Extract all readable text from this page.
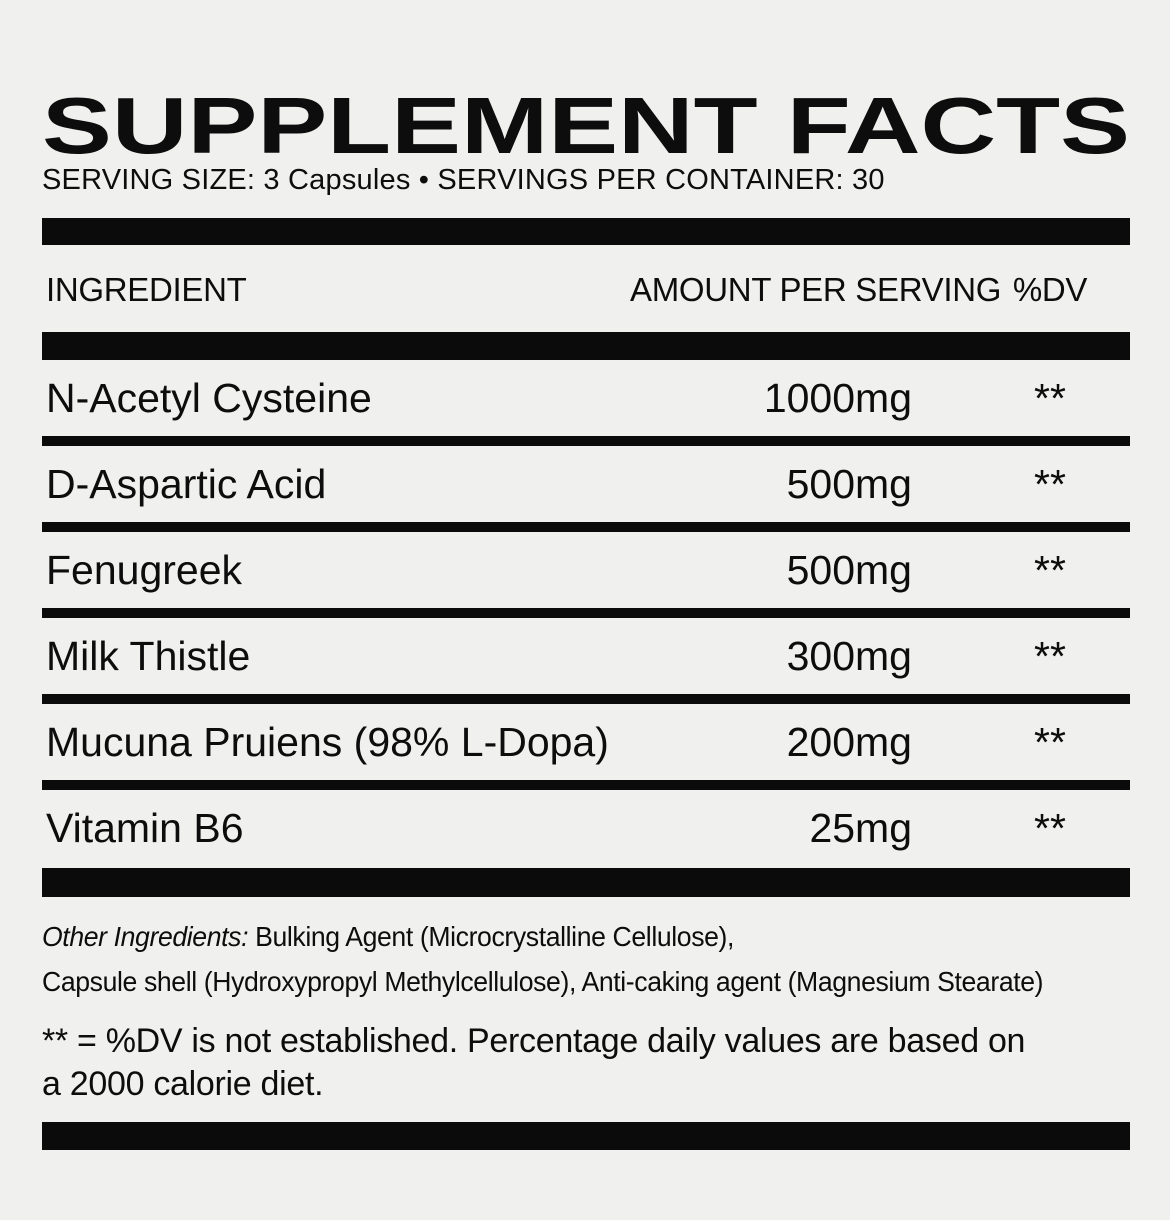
SUPPLEMENT FACTS
SERVING SIZE: 3 Capsules • SERVINGS PER CONTAINER: 30
INGREDIENT	AMOUNT PER SERVING %DV
N-Acetyl Cysteine	1000mg	**
D-Aspartic Acid	500mg	**
Fenugreek	500mg	**
Milk Thistle	300mg	**
Mucuna Pruiens (98% L-Dopa)	200mg	**
Vitamin B6	25mg	**
Other Ingredients: Bulking Agent (Microcrystalline Cellulose),
Capsule shell (Hydroxypropyl Methylcellulose), Anti-caking agent (Magnesium Stearate)
** = %DV is not established. Percentage daily values are based on
a 2000 calorie diet.
